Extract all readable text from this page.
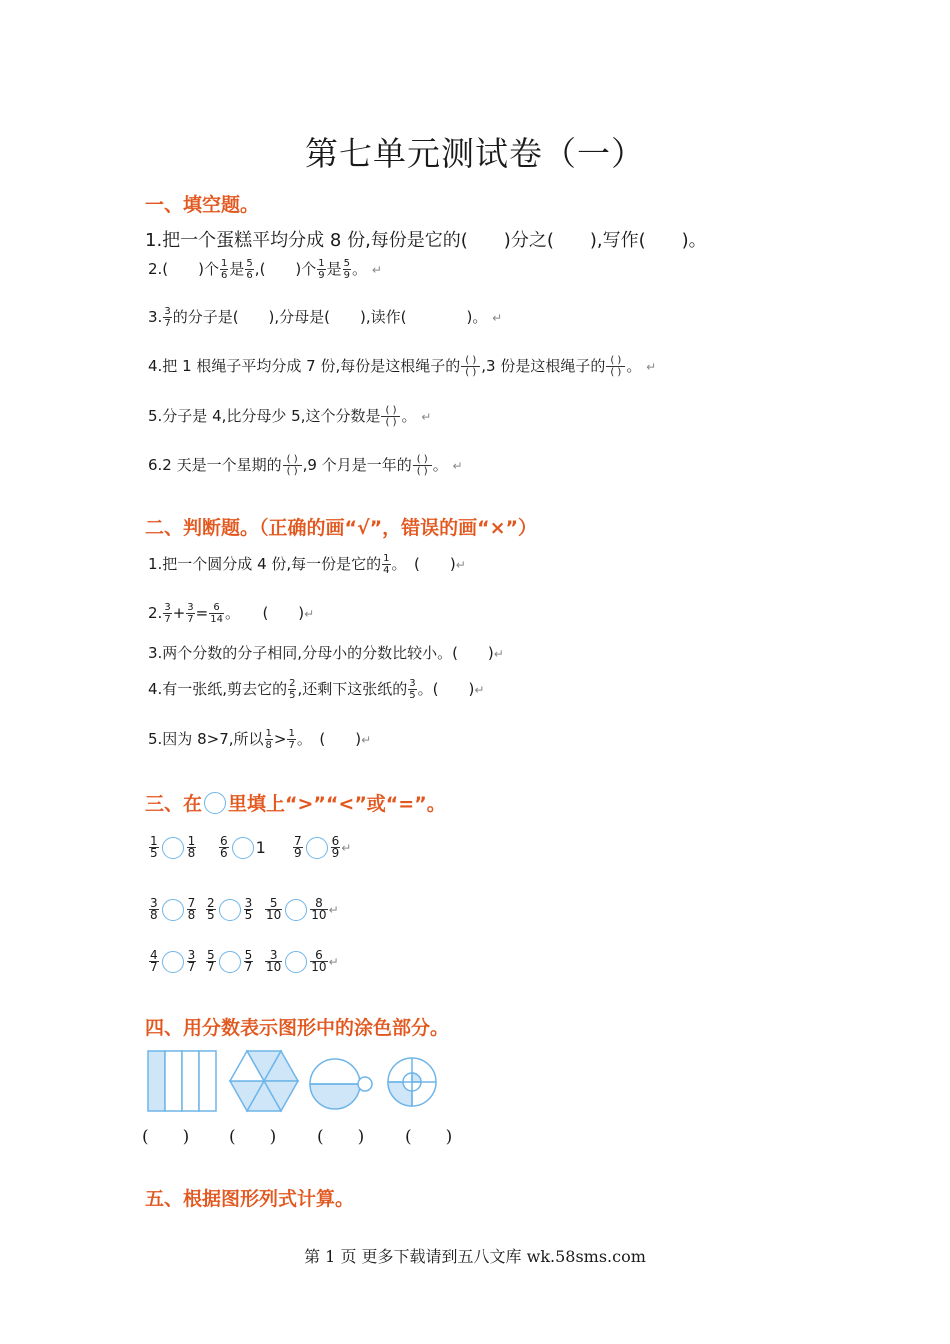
第七单元测试卷（一）
一、填空题。
1.把一个蛋糕平均分成 8 份,每份是它的(　　)分之(　　),写作(　　)。
2.(　　)个 $\frac{1}{6}$ 是 $\frac{5}{6}$ ,(　　)个 $\frac{1}{9}$ 是 $\frac{5}{9}$ 。 ↵
3. $\frac{3}{7}$ 的分子是(　　),分母是(　　),读作(　　　　)。 ↵
4.把 1 根绳子平均分成 7 份,每份是这根绳子的 ( )
( ) ,3 份是这根绳子的 ( )
( ) 。 ↵
5.分子是 4,比分母少 5,这个分数是 ( )
( ) 。 ↵
6.2 天是一个星期的 ( )
( ) ,9 个月是一年的 ( )
( ) 。 ↵
二、判断题。（正确的画“√”，错误的画“×”）
1.把一个圆分成 4 份,每一份是它的 $\frac{1}{4}$ 。　(　　)↵
2. $\frac{3}{7} + \frac{3}{7} = \frac{6}{14}$ 。　　(　　)↵
3.两个分数的分子相同,分母小的分数比较小。(　　)↵
4.有一张纸,剪去它的 $\frac{2}{5}$ ,还剩下这张纸的 $\frac{3}{5}$ 。(　　)↵
5.因为 8>7,所以 $\frac{1}{8} > \frac{1}{7}$ 。　(　　)↵
三、在 里填上“>”“<”或“=”。
$\frac{1}{5} \frac{1}{8} \frac{6}{6} 1 \frac{7}{9} \frac{6}{9}$ ↵
$\frac{3}{8} \frac{7}{8} \frac{2}{5} \frac{3}{5} \frac{5}{10} \frac{8}{10}$ ↵
$\frac{4}{7} \frac{3}{7} \frac{5}{7} \frac{5}{7} \frac{3}{10} \frac{6}{10}$ ↵
四、用分数表示图形中的涂色部分。
(　　) (　　) (　　) (　　)
五、根据图形列式计算。
第 1 页 更多下载请到五八文库 wk.58sms.com
